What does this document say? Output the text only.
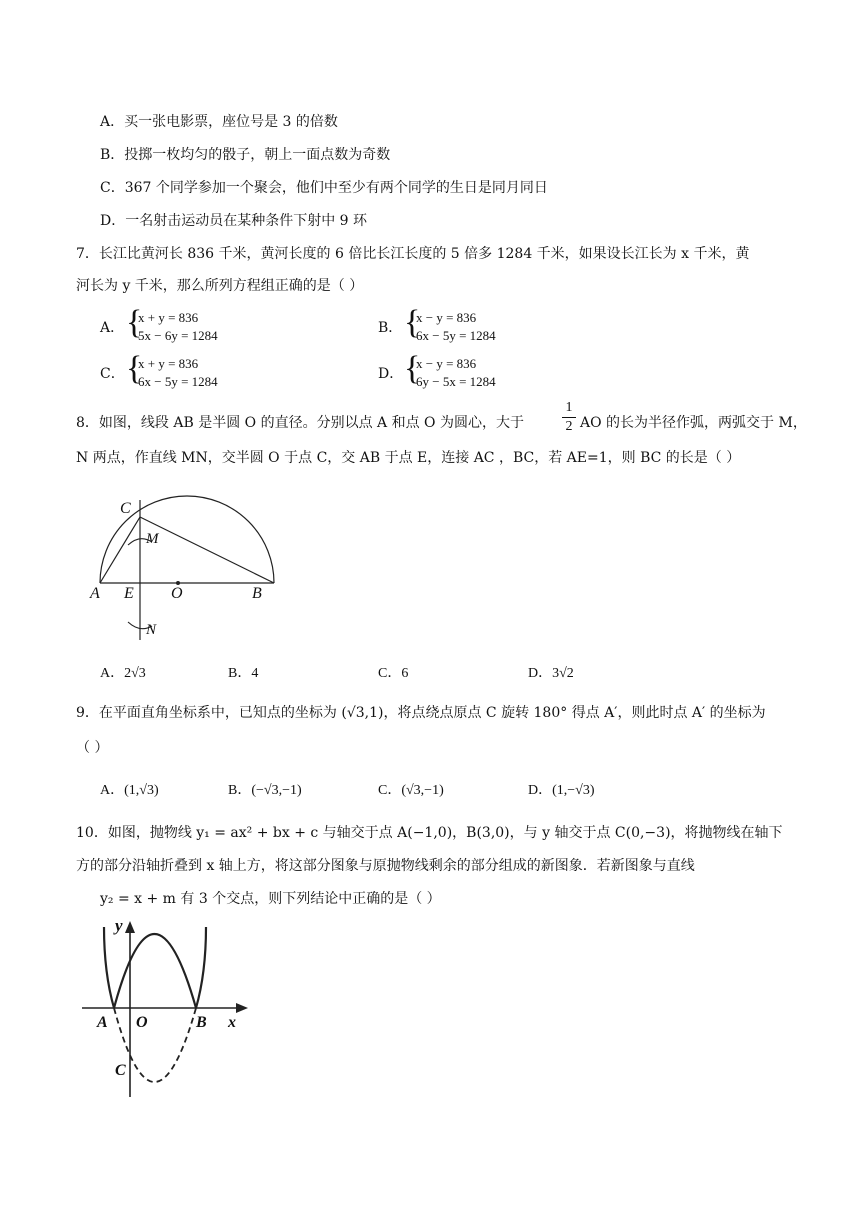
A．买一张电影票，座位号是 3 的倍数
B．投掷一枚均匀的骰子，朝上一面点数为奇数
C．367 个同学参加一个聚会，他们中至少有两个同学的生日是同月同日
D．一名射击运动员在某种条件下射中 9 环
7．长江比黄河长 836 千米，黄河长度的 6 倍比长江长度的 5 倍多 1284 千米，如果设长江长为 x 千米，黄
河长为 y 千米，那么所列方程组正确的是（ ）
A． {
x + y = 836
5x − 6y = 1284	B． {
x − y = 836
6x − 5y = 1284
C． {
x + y = 836
6x − 5y = 1284	D． {
x − y = 836
6y − 5x = 1284
8．如图，线段 AB 是半圆 O 的直径。分别以点 A 和点 O 为圆心，大于
1
2 AO 的长为半径作弧，两弧交于 M，
N 两点，作直线 MN，交半圆 O 于点 C，交 AB 于点 E，连接 AC ，BC，若 AE=1，则 BC 的长是（ ）
C
M
A E O	B
N
A．2√3	B．4	C．6	D．3√2
9．在平面直角坐标系中，已知点的坐标为 (√3,1)，将点绕点原点 C 旋转 180° 得点 A′，则此时点 A′ 的坐标为
（ ）
A．(1,√3)	B．(−√3,−1)	C．(√3,−1)	D．(1,−√3)
10．如图，抛物线 y₁ = ax² + bx + c 与轴交于点 A(−1,0)，B(3,0)，与 y 轴交于点 C(0,−3)，将抛物线在轴下
方的部分沿轴折叠到 x 轴上方，将这部分图象与原抛物线剩余的部分组成的新图象．若新图象与直线
y₂ = x + m 有 3 个交点，则下列结论中正确的是（ ）
y
A O	B x
C
